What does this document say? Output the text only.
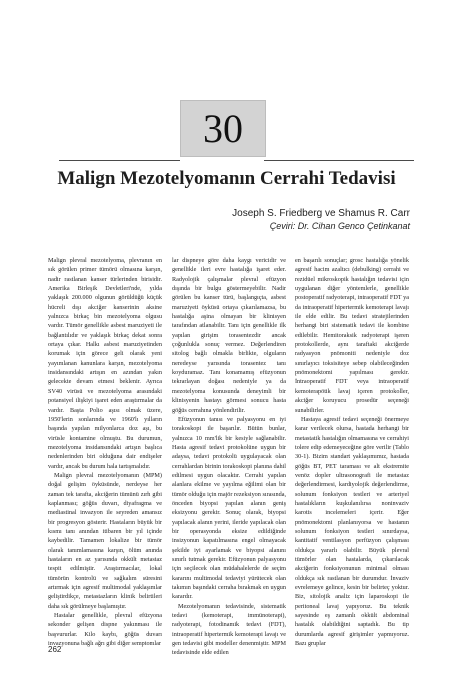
30
Malign Mezotelyomanın Cerrahi Tedavisi

Joseph S. Friedberg ve Shamus R. Carr

Çeviri: Dr. Cihan Genco Çetinkanat

Malign plevral mezotelyoma, plevranın en sık görülen primer tümörü olmasına karşın, nadir rastlanan kanser türlerinden birisidir. Amerika Birleşik Devletleri'nde, yılda yaklaşık 200.000 olgunun görüldüğü küçük hücreli dışı akciğer kanserinin aksine yalnızca birkaç bin mezotelyoma olgusu vardır. Tümör genellikle asbest maruziyeti ile bağlantılıdır ve yaklaşık birkaç dekat sonra ortaya çıkar. Halkı asbest maruziyetinden korumak için görece geli olarak yeni yayımlanan kanunlara karşın, mezotelyoma insidansındaki artışın en azından yakın gelecekte devam etmesi beklenir. Ayrıca SV40 virüsü ve mezotelyoma arasındaki potansiyel ilişkiyi işaret eden araştırmalar da vardır. Başta Polio aşısı olmak üzere, 1950'lerin sonlarında ve 1960'lı yılların başında yapılan milyonlarca doz aşı, bu virüsle kontamine olmuştu. Bu durumun, mezotelyoma insidansındaki artışın başlıca nedenlerinden biri olduğuna dair endişeler vardır, ancak bu durum hala tartışmalıdır.

Malign plevral mezotelyomanın (MPM) doğal gelişim öyküsünde, nerdeyse her zaman tek tarafta, akciğerin tümünü zırh gibi kaplanması; göğüs duvarı, diyafragma ve mediastinal invazyon ile seyreden amansız bir progresyon gösterir. Hastaların büyük bir kısmı tanı anından itibaren bir yıl içinde kaybedilir. Tamamen lokalize bir tümör olarak tanımlamasına karşın, ölüm anında hastaların en az yarısında okkült metastaz tespit edilmiştir. Araştırmacılar, lokal tümörün kontrolü ve sağkalım süresini artırmak için agresif multimodal yaklaşımlar geliştirdikçe, metastazların klinik belirtileri daha sık görülmeye başlamıştır.

Hastalar genellikle, plevral efüzyona sekonder gelişen dispne yakınması ile başvururlar. Kilo kaybı, göğüs duvarı invazyonuna bağlı ağrı gibi diğer semptomlar

lar dispneye göre daha kaygı vericidir ve genellikle ileri evre hastalığa işaret eder. Radyolojik çalışmalar plevral efüzyon dışında bir bulgu göstermeyebilir. Nadir görülen bu kanser türü, başlangıçta, asbest maruziyeti öyküsü ortaya çıkarılamazsa, bu hastalığa aşina olmayan bir klinisyen tarafından atlanabilir. Tanı için genellikle ilk yapılan girişim torasentezdir ancak çoğunlukla sonuç vermez. Değerlendiren sitolog bağlı olmakla birlikte, olguların neredeyse yarısında torasentez tanı koyduramaz. Tanı konamamış efüzyonun tekrarlayan doğası nedeniyle ya da mezotelyoma konusunda deneyimli bir klinisyenin hastayı görmesi sonucu hasta göğüs cerrahına yönlendirilir.

Efüzyonun tanısı ve palyasyonu en iyi torakoskopi ile başarılır. Bütün bunlar, yalnızca 10 mm'lik bir kesiyle sağlanabilir. Hasta agresif tedavi protokolüne uygun bir adaysa, tedavi protokolü uygulayacak olan cerrahlardan birinin torakoskopi planına dahil edilmesi uygun olacaktır. Cerrahi yapılan alanlara ekilme ve yayılma eğilimi olan bir tümör olduğu için majör rezeksiyon sırasında, önceden biyopsi yapılan alanın geniş eksizyonu gerekir. Sonuç olarak, biyopsi yapılacak alanın yerini, ileride yapılacak olan bir operasyonda eksize edildiğinde insizyonun kapatılmasına engel olmayacak şekilde iyi ayarlamak ve biyopsi alanını sınırlı tutmak gerekir. Efüzyonun palyasyonu için seçilecek olan müdahalelerde de seçim kararını multimodal tedaviyi yürütecek olan takımın başındaki cerraha bırakmak en uygun karardır.

Mezotelyomanın tedavisinde, sistematik tedavi (kemoterapi, immünoterapi), radyoterapi, fotodinamik tedavi (FDT), intraoperatif hipertermik kemoterapi lavajı ve gen tedavisi gibi modeller denenmiştir. MPM tedavisinde elde edilen

en başarılı sonuçlar; grosc hastalığa yönelik agresif hacim azaltıcı (debulking) cerrahi ve rezidüel mikroskopik hastalığın tedavisi için uygulanan diğer yöntemlerle, genellikle postoperatif radyoterapi, intraoperatif FDT ya da intraoperatif hipertermik kemoterapi lavajı ile elde edilir. Bu tedavi stratejilerinden herhangi biri sistematik tedavi ile kombine edilebilir. Hemitoraksik radyoterapi işeren protokollerde, aynı taraftaki akciğerde radyasyon pnömoniti nedeniyle doz sınırlayıcı toksisiteye sebep olabileceğinden pnömonektomi yapılması gerekir. İntraoperatif FDT veya intraoperatif kemoterapötik lavaj içeren protokoller, akciğer koruyucu prosedür seçeneği sunabilirler.

Hastaya agresif tedavi seçeneği önermeye karar verilecek olursa, hastada herhangi bir metastatik hastalığın olmamasına ve cerrahiyi tolere edip edemeyeceğine göre verilir (Tablo 30-1). Bizim standart yaklaşımımız, hastada göğüs BT, PET taraması ve alt ekstremite venöz dopler ultrasonografi ile metastaz değerlendirmesi, kardiyolojik değerlendirme, solunum fonksiyon testleri ve arteriyel hastalıkların kuşkulanılırsa noninvaziv karotis incelemeleri içerir. Eğer pnömonektomi planlanıyorsa ve hastanın solunum fonksiyon testleri sınırdaysa, kantitatif ventilasyon perfüzyon çalışması oldukça yararlı olabilir. Büyük plevral tümörler olan hastalarda, çıkarılacak akciğerin fonksiyonunun minimal olması oldukça sık rastlanan bir durumdur. İnvaziv evrelemeye gelince, kesin bir belirteç yoktur. Biz, sitolojik analiz için laparoskopi ile peritoneal lavaj yapıyoruz. Bu teknik sayesinde eş zamanlı okkült abdominal hastalık olabildiğini saptadık. Bu tip durumlarda agresif girişimler yapmıyoruz. Bazı gruplar

262
